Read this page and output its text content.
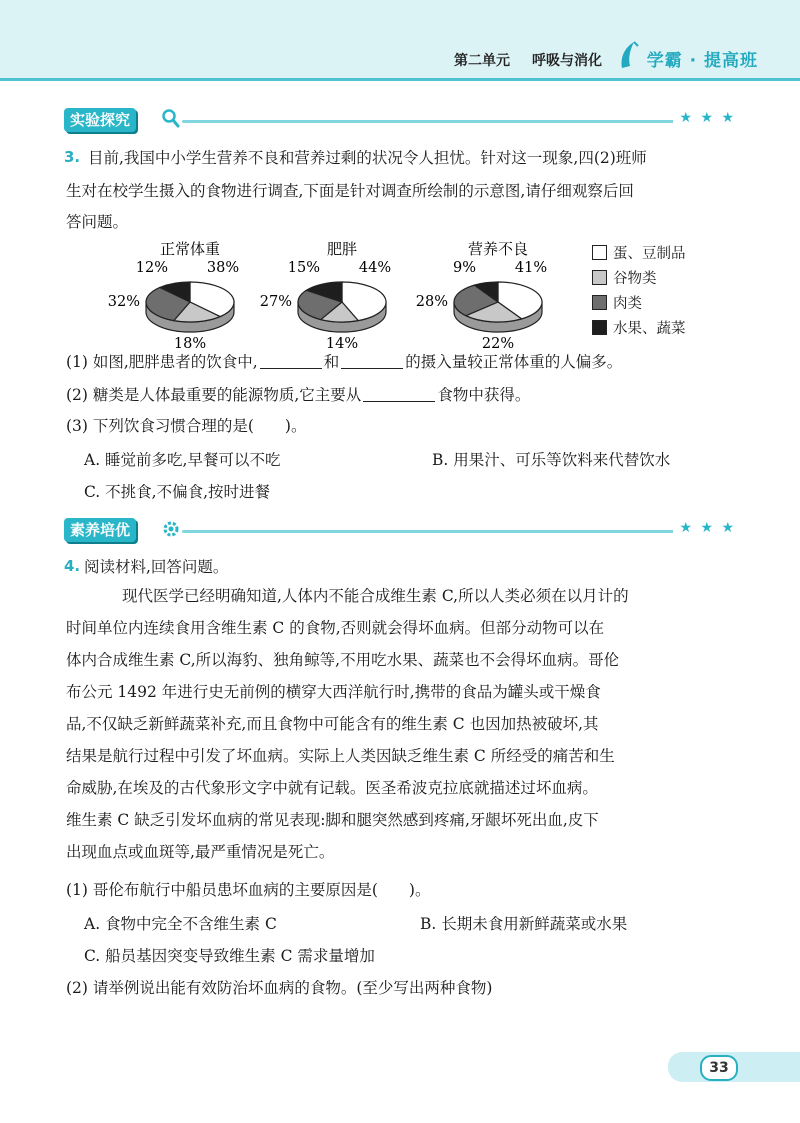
第二单元 呼吸与消化	学霸 · 提高班
实验探究	★ ★ ★
3. 目前,我国中小学生营养不良和营养过剩的状况令人担忧。针对这一现象,四(2)班师
生对在校学生摄入的食物进行调查,下面是针对调查所绘制的示意图,请仔细观察后回
答问题。
正常体重
38%
18%
32%
12%
肥胖
44%
14%
27%
15%
营养不良
41%
22%
28%
9%
蛋、豆制品
谷物类
肉类
水果、蔬菜
(1) 如图,肥胖患者的饮食中,	和	的摄入量较正常体重的人偏多。
(2) 糖类是人体最重要的能源物质,它主要从	食物中获得。
(3) 下列饮食习惯合理的是(　　)。
A. 睡觉前多吃,早餐可以不吃	B. 用果汁、可乐等饮料来代替饮水
C. 不挑食,不偏食,按时进餐
素养培优	★ ★ ★
4. 阅读材料,回答问题。
现代医学已经明确知道,人体内不能合成维生素 C,所以人类必须在以月计的
时间单位内连续食用含维生素 C 的食物,否则就会得坏血病。但部分动物可以在
体内合成维生素 C,所以海豹、独角鲸等,不用吃水果、蔬菜也不会得坏血病。哥伦
布公元 1492 年进行史无前例的横穿大西洋航行时,携带的食品为罐头或干燥食
品,不仅缺乏新鲜蔬菜补充,而且食物中可能含有的维生素 C 也因加热被破坏,其
结果是航行过程中引发了坏血病。实际上人类因缺乏维生素 C 所经受的痛苦和生
命威胁,在埃及的古代象形文字中就有记载。医圣希波克拉底就描述过坏血病。
维生素 C 缺乏引发坏血病的常见表现:脚和腿突然感到疼痛,牙龈坏死出血,皮下
出现血点或血斑等,最严重情况是死亡。
(1) 哥伦布航行中船员患坏血病的主要原因是(　　)。
A. 食物中完全不含维生素 C	B. 长期未食用新鲜蔬菜或水果
C. 船员基因突变导致维生素 C 需求量增加
(2) 请举例说出能有效防治坏血病的食物。(至少写出两种食物)
33
